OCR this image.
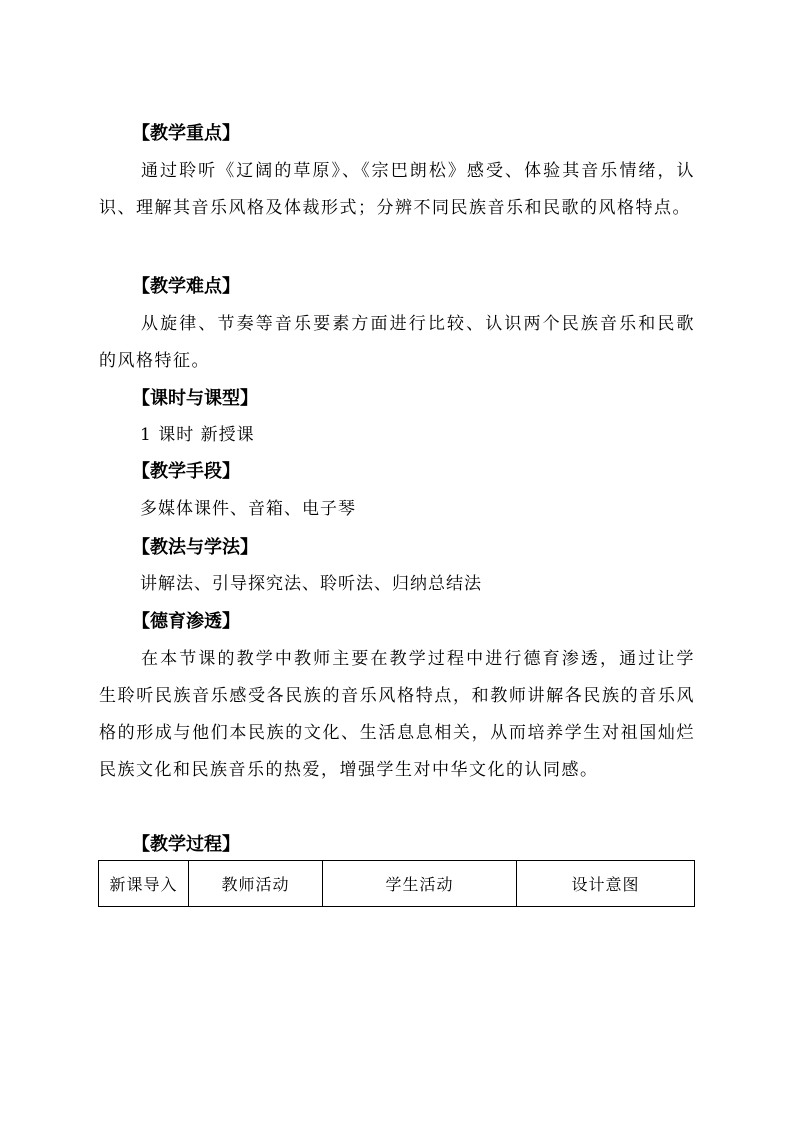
【教学重点】
通过聆听《辽阔的草原》、《宗巴朗松》感受、体验其音乐情绪，认识、理解其音乐风格及体裁形式；分辨不同民族音乐和民歌的风格特点。
【教学难点】
从旋律、节奏等音乐要素方面进行比较、认识两个民族音乐和民歌的风格特征。
【课时与课型】
1 课时 新授课
【教学手段】
多媒体课件、音箱、电子琴
【教法与学法】
讲解法、引导探究法、聆听法、归纳总结法
【德育渗透】
在本节课的教学中教师主要在教学过程中进行德育渗透，通过让学生聆听民族音乐感受各民族的音乐风格特点，和教师讲解各民族的音乐风格的形成与他们本民族的文化、生活息息相关，从而培养学生对祖国灿烂民族文化和民族音乐的热爱，增强学生对中华文化的认同感。
【教学过程】
新课导入	教师活动	学生活动	设计意图
